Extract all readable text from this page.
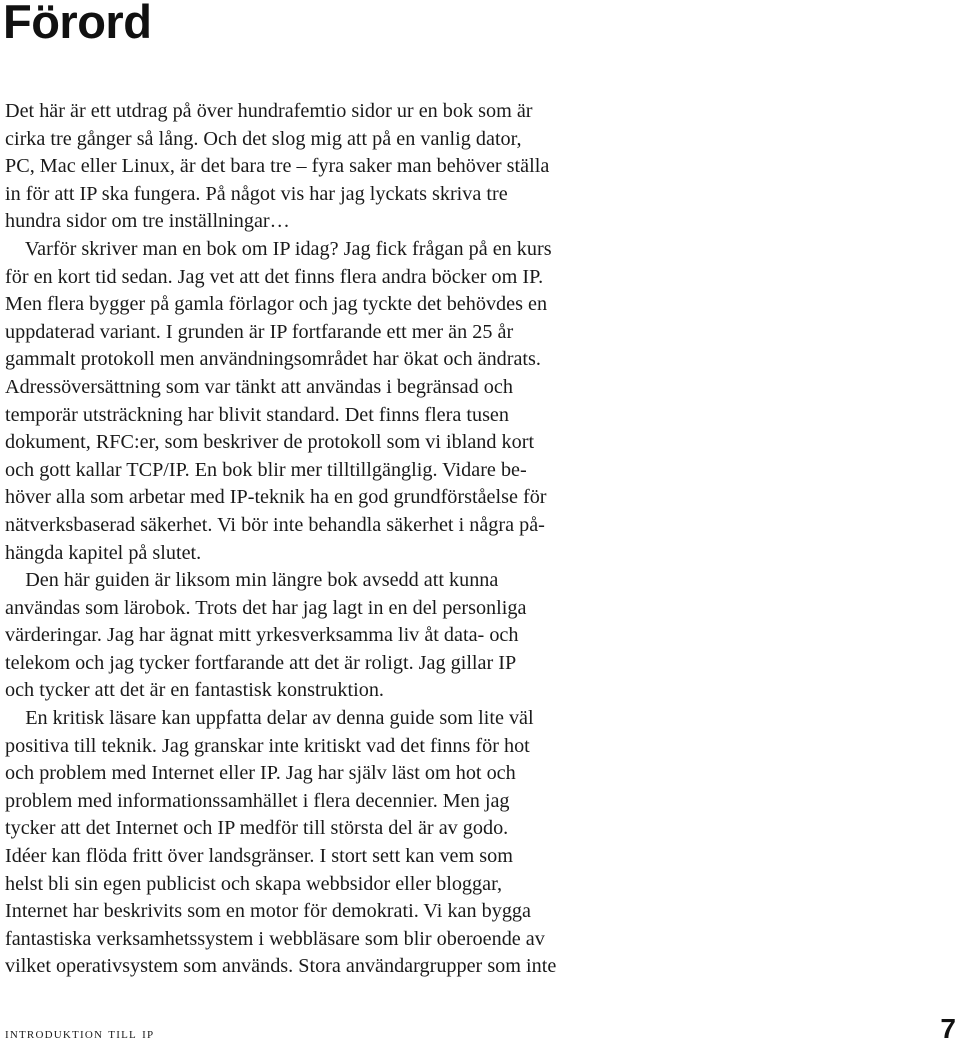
Förord
Det här är ett utdrag på över hundrafemtio sidor ur en bok som är
cirka tre gånger så lång. Och det slog mig att på en vanlig dator,
PC, Mac eller Linux, är det bara tre – fyra saker man behöver ställa
in för att IP ska fungera. På något vis har jag lyckats skriva tre
hundra sidor om tre inställningar…
Varför skriver man en bok om IP idag? Jag fick frågan på en kurs
för en kort tid sedan. Jag vet att det finns flera andra böcker om IP.
Men flera bygger på gamla förlagor och jag tyckte det behövdes en
uppdaterad variant. I grunden är IP fortfarande ett mer än 25 år
gammalt protokoll men användningsområdet har ökat och ändrats.
Adressöversättning som var tänkt att användas i begränsad och
temporär utsträckning har blivit standard. Det finns flera tusen
dokument, RFC:er, som beskriver de protokoll som vi ibland kort
och gott kallar TCP/IP. En bok blir mer tilltillgänglig. Vidare be-
höver alla som arbetar med IP-teknik ha en god grundförståelse för
nätverksbaserad säkerhet. Vi bör inte behandla säkerhet i några på-
hängda kapitel på slutet.
Den här guiden är liksom min längre bok avsedd att kunna
användas som lärobok. Trots det har jag lagt in en del personliga
värderingar. Jag har ägnat mitt yrkesverksamma liv åt data- och
telekom och jag tycker fortfarande att det är roligt. Jag gillar IP
och tycker att det är en fantastisk konstruktion.
En kritisk läsare kan uppfatta delar av denna guide som lite väl
positiva till teknik. Jag granskar inte kritiskt vad det finns för hot
och problem med Internet eller IP. Jag har själv läst om hot och
problem med informationssamhället i flera decennier. Men jag
tycker att det Internet och IP medför till största del är av godo.
Idéer kan flöda fritt över landsgränser. I stort sett kan vem som
helst bli sin egen publicist och skapa webbsidor eller bloggar,
Internet har beskrivits som en motor för demokrati. Vi kan bygga
fantastiska verksamhetssystem i webbläsare som blir oberoende av
vilket operativsystem som används. Stora användargrupper som inte
introduktion till ip	7
